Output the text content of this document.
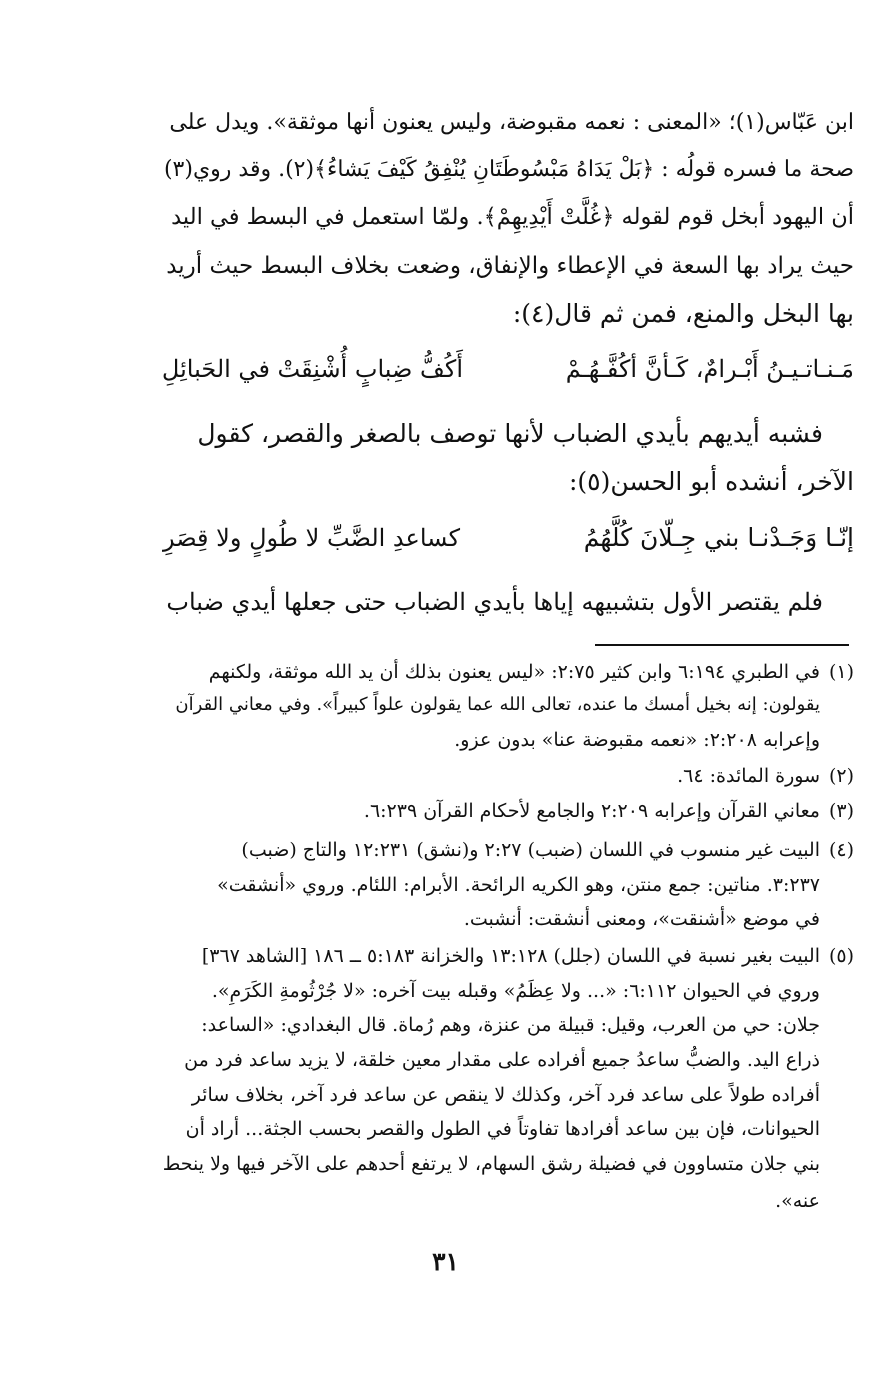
ابن عَبّاس(١)؛ «المعنى : نعمه مقبوضة، وليس يعنون أنها موثقة». ويدل على
صحة ما فسره قولُه : ﴿بَلْ يَدَاهُ مَبْسُوطَتَانِ يُنْفِقُ كَيْفَ يَشاءُ﴾(٢). وقد روي(٣)
أن اليهود أبخل قوم لقوله ﴿غُلَّتْ أَيْدِيهِمْ﴾. ولمّا استعمل في البسط في اليد
حيث يراد بها السعة في الإعطاء والإنفاق، وضعت بخلاف البسط حيث أريد
بها البخل والمنع، فمن ثم قال(٤):
مَـنـاتـيـنُ أَبْـرامٌ، كَـأنَّ أكُفَّـهُـمْ
أَكُفُّ ضِبابٍ أُشْنِقَتْ في الحَبائِلِ
فشبه أيديهم بأيدي الضباب لأنها توصف بالصغر والقصر، كقول
الآخر، أنشده أبو الحسن(٥):
إنّـا وَجَـدْنـا بني جِـلّانَ كُلَّهُمُ
كساعدِ الضَّبِّ لا طُولٍ ولا قِصَرِ
فلم يقتصر الأول بتشبيهه إياها بأيدي الضباب حتى جعلها أيدي ضباب
(١)
في الطبري ٦:١٩٤ وابن كثير ٢:٧٥: «ليس يعنون بذلك أن يد الله موثقة، ولكنهم
يقولون: إنه بخيل أمسك ما عنده، تعالى الله عما يقولون علواً كبيراً». وفي معاني القرآن
وإعرابه ٢:٢٠٨: «نعمه مقبوضة عنا» بدون عزو.
(٢)
سورة المائدة: ٦٤.
(٣)
معاني القرآن وإعرابه ٢:٢٠٩ والجامع لأحكام القرآن ٦:٢٣٩.
(٤)
البيت غير منسوب في اللسان (ضبب) ٢:٢٧ و(نشق) ١٢:٢٣١ والتاج (ضبب)
٣:٢٣٧. مناتين: جمع منتن، وهو الكريه الرائحة. الأبرام: اللئام. وروي «أنشقت»
في موضع «أشنقت»، ومعنى أنشقت: أنشبت.
(٥)
البيت بغير نسبة في اللسان (جلل) ١٣:١٢٨ والخزانة ٥:١٨٣ ــ ١٨٦ [الشاهد ٣٦٧]
وروي في الحيوان ٦:١١٢: «... ولا عِظَمُ» وقبله بيت آخره: «لا جُرْثُومةِ الكَرَمِ».
جلان: حي من العرب، وقيل: قبيلة من عنزة، وهم رُماة. قال البغدادي: «الساعد:
ذراع اليد. والضبُّ ساعدُ جميع أفراده على مقدار معين خلقة، لا يزيد ساعد فرد من
أفراده طولاً على ساعد فرد آخر، وكذلك لا ينقص عن ساعد فرد آخر، بخلاف سائر
الحيوانات، فإن بين ساعد أفرادها تفاوتاً في الطول والقصر بحسب الجثة... أراد أن
بني جلان متساوون في فضيلة رشق السهام، لا يرتفع أحدهم على الآخر فيها ولا ينحط
عنه».
٣١
